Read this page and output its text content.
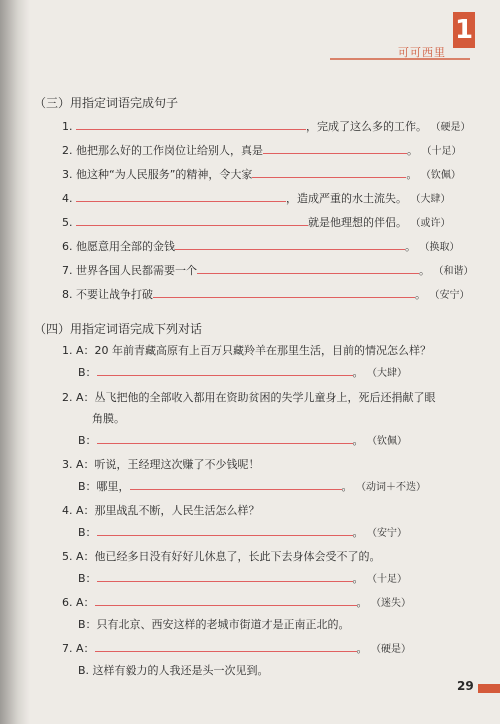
1
可可西里
（三）用指定词语完成句子
1.	，完成了这么多的工作。 （硬是）
2. 他把那么好的工作岗位让给别人，真是	。 （十足）
3. 他这种“为人民服务”的精神，令大家	。 （钦佩）
4.	，造成严重的水土流失。 （大肆）
5.	就是他理想的伴侣。 （或许）
6. 他愿意用全部的金钱	。 （换取）
7. 世界各国人民都需要一个	。 （和谐）
8. 不要让战争打破	。 （安宁）
（四）用指定词语完成下列对话
1. A：20 年前青藏高原有上百万只藏羚羊在那里生活，目前的情况怎么样？
B：	。 （大肆）
2. A：丛飞把他的全部收入都用在资助贫困的失学儿童身上，死后还捐献了眼
角膜。
B：	。 （钦佩）
3. A：听说，王经理这次赚了不少钱呢！
B：哪里，	。 （动词＋不迭）
4. A：那里战乱不断，人民生活怎么样？
B：	。 （安宁）
5. A：他已经多日没有好好儿休息了，长此下去身体会受不了的。
B：	。 （十足）
6. A：	。 （迷失）
B：只有北京、西安这样的老城市街道才是正南正北的。
7. A：	。 （硬是）
B. 这样有毅力的人我还是头一次见到。
29
